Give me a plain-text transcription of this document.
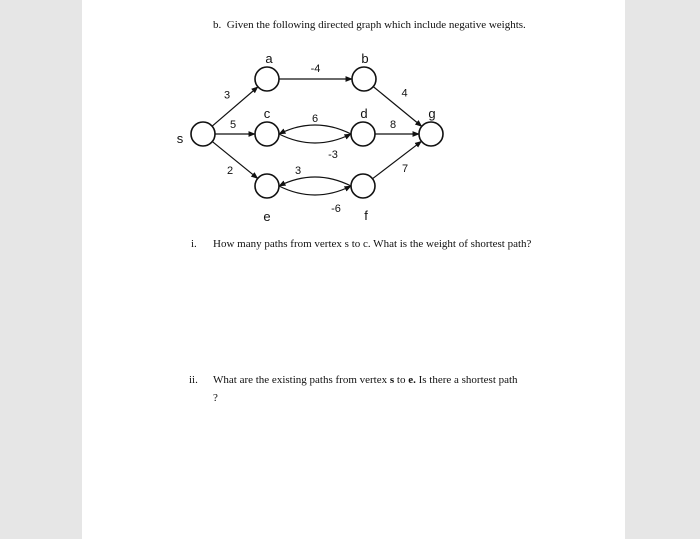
b. Given the following directed graph which include negative weights.
3
5
2
-4
4
6
-3
8
3
-6
7
s
a	b
c	d
e	f
g
i. How many paths from vertex s to c. What is the weight of shortest path?
ii. What are the existing paths from vertex s to e. Is there a shortest path
?
